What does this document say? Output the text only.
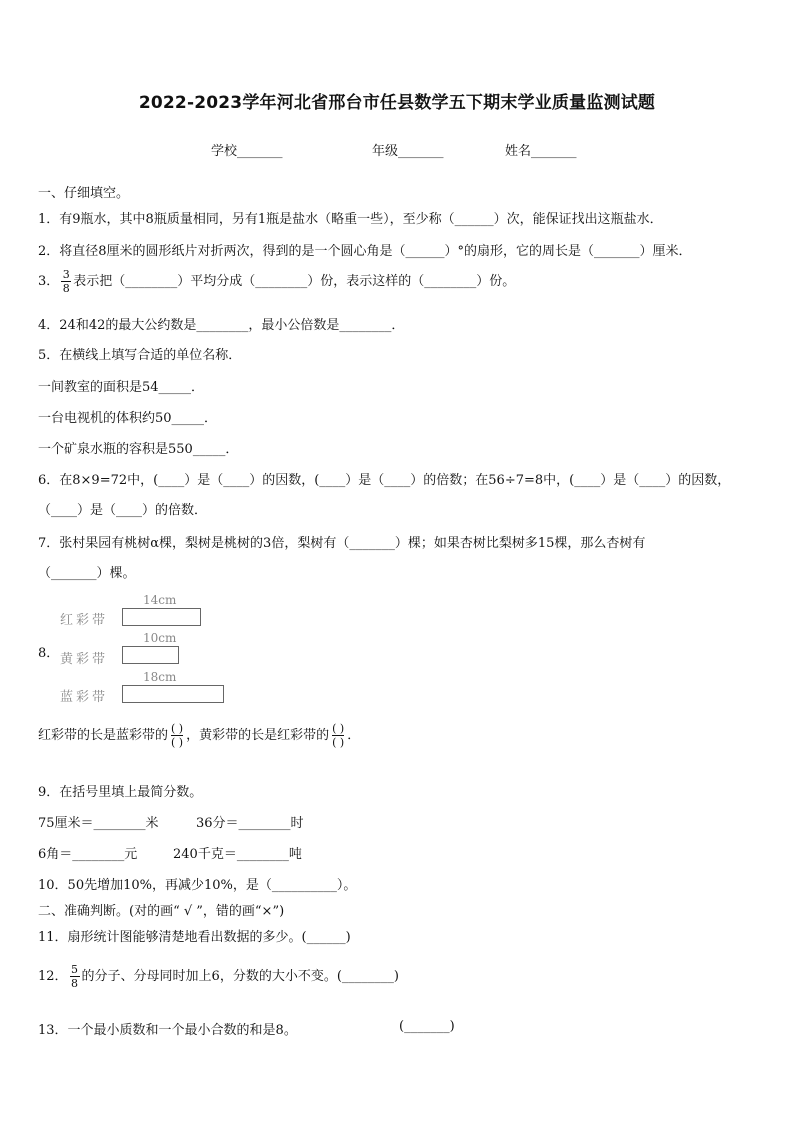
2022-2023学年河北省邢台市任县数学五下期末学业质量监测试题
学校_______	年级_______	姓名_______
一、仔细填空。
1．有9瓶水，其中8瓶质量相同，另有1瓶是盐水（略重一些），至少称（______）次，能保证找出这瓶盐水．
2．将直径8厘米的圆形纸片对折两次，得到的是一个圆心角是（______）°的扇形，它的周长是（_______）厘米．
3． $\frac{3}{8}$ 表示把（________）平均分成（________）份，表示这样的（________）份。
4．24和42的最大公约数是________，最小公倍数是________．
5．在横线上填写合适的单位名称．
一间教室的面积是54_____．
一台电视机的体积约50_____．
一个矿泉水瓶的容积是550_____．
6．在8×9=72中，(____）是（____）的因数，(____）是（____）的倍数；在56÷7=8中，(____）是（____）的因数，
（____）是（____）的倍数．
7．张村果园有桃树α棵，梨树是桃树的3倍，梨树有（_______）棵；如果杏树比梨树多15棵，那么杏树有
（_______）棵。
8．
红彩带
14cm
黄彩带
10cm
蓝彩带
18cm
红彩带的长是蓝彩带的 $\frac{( )}{( )}$ ，黄彩带的长是红彩带的 $\frac{( )}{( )}$ ．
9．在括号里填上最简分数。
75厘米＝________米	36分＝________时
6角＝________元	240千克＝________吨
10．50先增加10%，再减少10%，是（__________）。
二、准确判断。(对的画“ √ ”，错的画“×”)
11．扇形统计图能够清楚地看出数据的多少。(______)
12． $\frac{5}{8}$ 的分子、分母同时加上6，分数的大小不变。(________)
13．一个最小质数和一个最小合数的和是8。	(_______)
